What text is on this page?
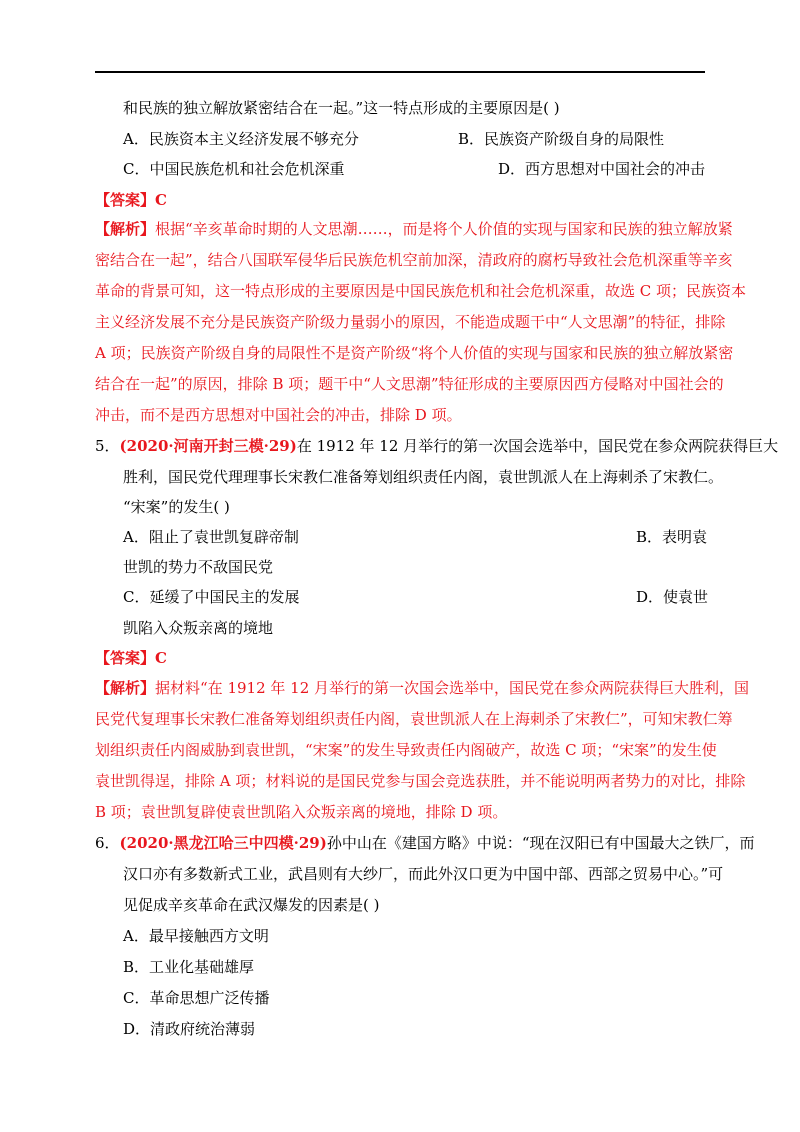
和民族的独立解放紧密结合在一起。”这一特点形成的主要原因是( )
A．民族资本主义经济发展不够充分	B．民族资产阶级自身的局限性
C．中国民族危机和社会危机深重	D．西方思想对中国社会的冲击
【答案】C
【解析】根据“辛亥革命时期的人文思潮……，而是将个人价值的实现与国家和民族的独立解放紧
密结合在一起”，结合八国联军侵华后民族危机空前加深，清政府的腐朽导致社会危机深重等辛亥
革命的背景可知，这一特点形成的主要原因是中国民族危机和社会危机深重，故选 C 项；民族资本
主义经济发展不充分是民族资产阶级力量弱小的原因，不能造成题干中“人文思潮”的特征，排除
A 项；民族资产阶级自身的局限性不是资产阶级“将个人价值的实现与国家和民族的独立解放紧密
结合在一起”的原因，排除 B 项；题干中“人文思潮”特征形成的主要原因西方侵略对中国社会的
冲击，而不是西方思想对中国社会的冲击，排除 D 项。
5．(2020·河南开封三模·29)在 1912 年 12 月举行的第一次国会选举中，国民党在参众两院获得巨大
胜利，国民党代理理事长宋教仁准备筹划组织责任内阁，袁世凯派人在上海刺杀了宋教仁。
“宋案”的发生( )
A．阻止了袁世凯复辟帝制	B．表明袁
世凯的势力不敌国民党
C．延缓了中国民主的发展	D．使袁世
凯陷入众叛亲离的境地
【答案】C
【解析】据材料“在 1912 年 12 月举行的第一次国会选举中，国民党在参众两院获得巨大胜利，国
民党代复理事长宋教仁准备筹划组织责任内阁，袁世凯派人在上海刺杀了宋教仁”，可知宋教仁筹
划组织责任内阁威胁到袁世凯，“宋案”的发生导致责任内阁破产，故选 C 项；“宋案”的发生使
袁世凯得逞，排除 A 项；材料说的是国民党参与国会竞选获胜，并不能说明两者势力的对比，排除
B 项；袁世凯复辟使袁世凯陷入众叛亲离的境地，排除 D 项。
6．(2020·黑龙江哈三中四模·29)孙中山在《建国方略》中说：“现在汉阳已有中国最大之铁厂，而
汉口亦有多数新式工业，武昌则有大纱厂，而此外汉口更为中国中部、西部之贸易中心。”可
见促成辛亥革命在武汉爆发的因素是( )
A．最早接触西方文明
B．工业化基础雄厚
C．革命思想广泛传播
D．清政府统治薄弱
